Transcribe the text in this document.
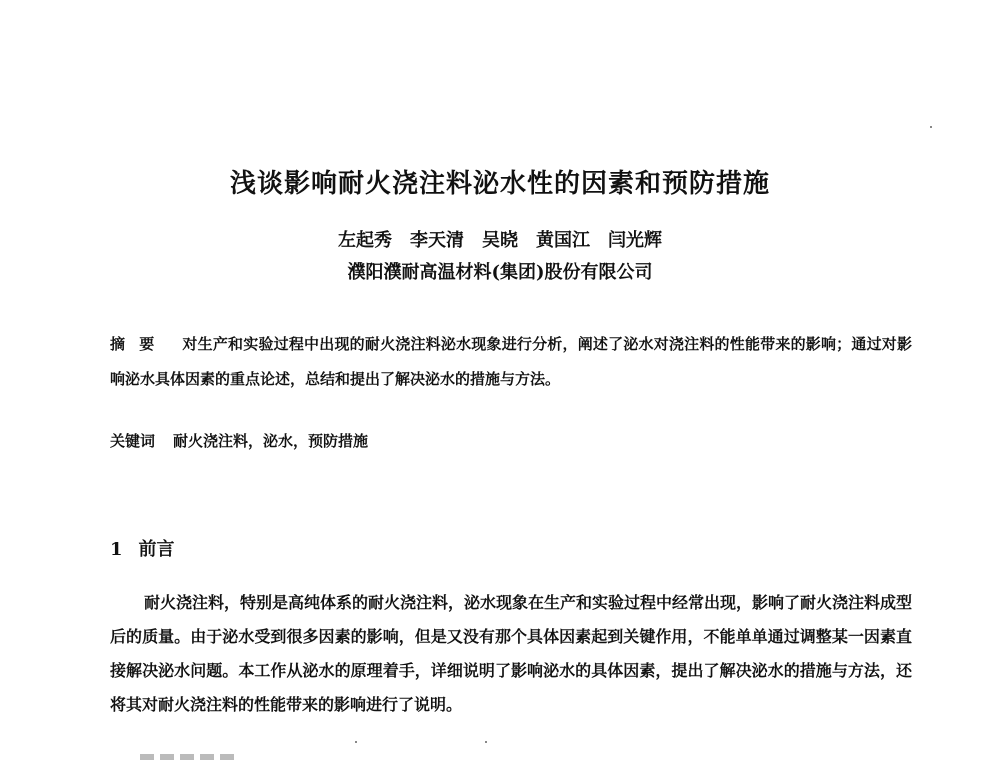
浅谈影响耐火浇注料泌水性的因素和预防措施
左起秀　李天清　吴晓　黄国江　闫光辉
濮阳濮耐高温材料(集团)股份有限公司
摘要 对生产和实验过程中出现的耐火浇注料泌水现象进行分析，阐述了泌水对浇注料的性能带来的影响；通过对影响泌水具体因素的重点论述，总结和提出了解决泌水的措施与方法。
关键词 耐火浇注料，泌水，预防措施
1 前言
耐火浇注料，特别是高纯体系的耐火浇注料，泌水现象在生产和实验过程中经常出现，影响了耐火浇注料成型后的质量。由于泌水受到很多因素的影响，但是又没有那个具体因素起到关键作用，不能单单通过调整某一因素直接解决泌水问题。本工作从泌水的原理着手，详细说明了影响泌水的具体因素，提出了解决泌水的措施与方法，还将其对耐火浇注料的性能带来的影响进行了说明。
